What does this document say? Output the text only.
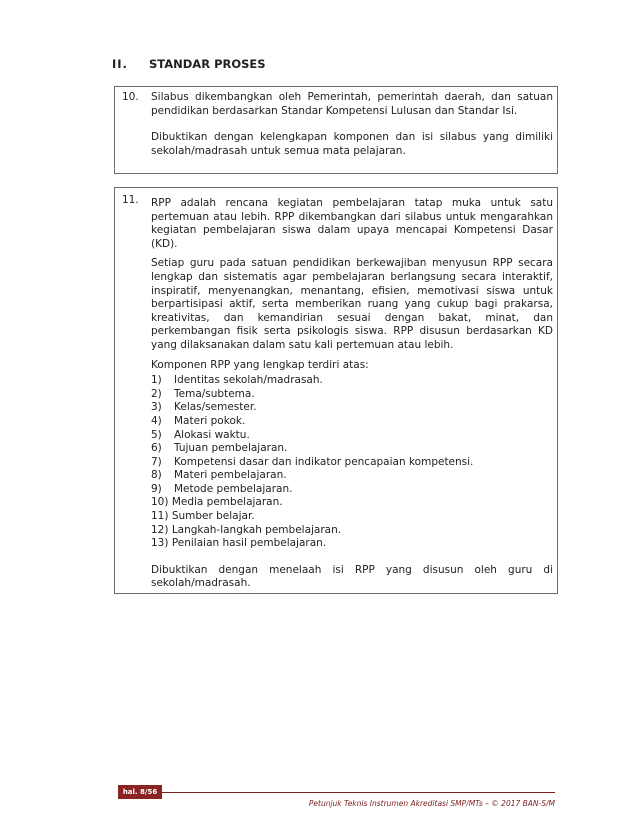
II. STANDAR PROSES
10. Silabus dikembangkan oleh Pemerintah, pemerintah daerah, dan satuan pendidikan berdasarkan Standar Kompetensi Lulusan dan Standar Isi.

Dibuktikan dengan kelengkapan komponen dan isi silabus yang dimiliki sekolah/madrasah untuk semua mata pelajaran.

11. RPP adalah rencana kegiatan pembelajaran tatap muka untuk satu pertemuan atau lebih. RPP dikembangkan dari silabus untuk mengarahkan kegiatan pembelajaran siswa dalam upaya mencapai Kompetensi Dasar (KD).

Setiap guru pada satuan pendidikan berkewajiban menyusun RPP secara lengkap dan sistematis agar pembelajaran berlangsung secara interaktif, inspiratif, menyenangkan, menantang, efisien, memotivasi siswa untuk berpartisipasi aktif, serta memberikan ruang yang cukup bagi prakarsa, kreativitas, dan kemandirian sesuai dengan bakat, minat, dan perkembangan fisik serta psikologis siswa. RPP disusun berdasarkan KD yang dilaksanakan dalam satu kali pertemuan atau lebih.

Komponen RPP yang lengkap terdiri atas:

1)	Identitas sekolah/madrasah.
2)	Tema/subtema.
3)	Kelas/semester.
4)	Materi pokok.
5)	Alokasi waktu.
6)	Tujuan pembelajaran.
7)	Kompetensi dasar dan indikator pencapaian kompetensi.
8)	Materi pembelajaran.
9)	Metode pembelajaran.
10)
Media pembelajaran.
11)
Sumber belajar.
12)
Langkah-langkah pembelajaran.
13)
Penilaian hasil pembelajaran.

Dibuktikan dengan menelaah isi RPP yang disusun oleh guru di sekolah/madrasah.

hal. 8/56
Petunjuk Teknis Instrumen Akreditasi SMP/MTs – © 2017 BAN-S/M
